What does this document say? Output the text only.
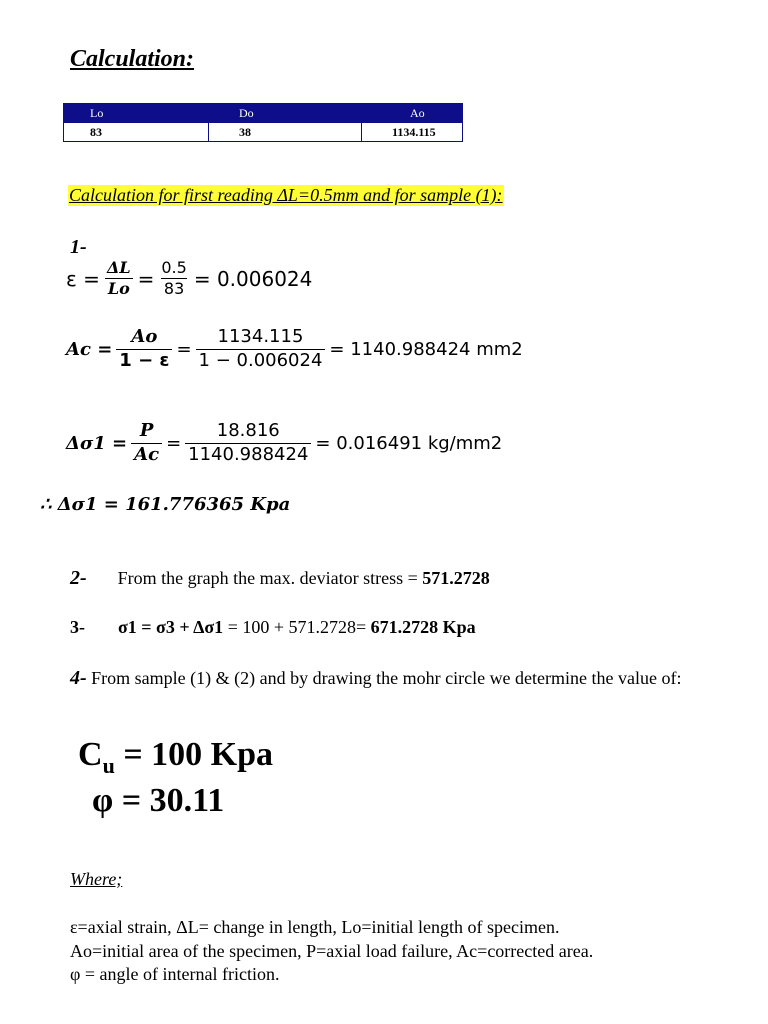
Calculation:
Lo	Do	Ao
83	38	1134.115
Calculation for first reading ΔL=0.5mm and for sample (1):
1-
$\varepsilon = \frac{\Delta L}{Lo} = \frac{0.5}{83} = 0.006024$
$Ac = \frac{Ao}{1 - \varepsilon} = \frac{1134.115}{1 - 0.006024} = 1140.988424$ mm2
$\Delta\sigma 1 = \frac{P}{Ac} = \frac{18.816}{1140.988424} = 0.016491$ kg/mm2
∴ Δσ1 = 161.776365 Kpa
2- From the graph the max. deviator stress = 571.2728
3- σ1 = σ3 + Δσ1 = 100 + 571.2728= 671.2728 Kpa
4- From sample (1) & (2) and by drawing the mohr circle we determine the value of:
$C_u = 100$ Kpa
φ = 30.11
Where;
ε=axial strain, ΔL= change in length, Lo=initial length of specimen.
Ao=initial area of the specimen, P=axial load failure, Ac=corrected area.
φ = angle of internal friction.
